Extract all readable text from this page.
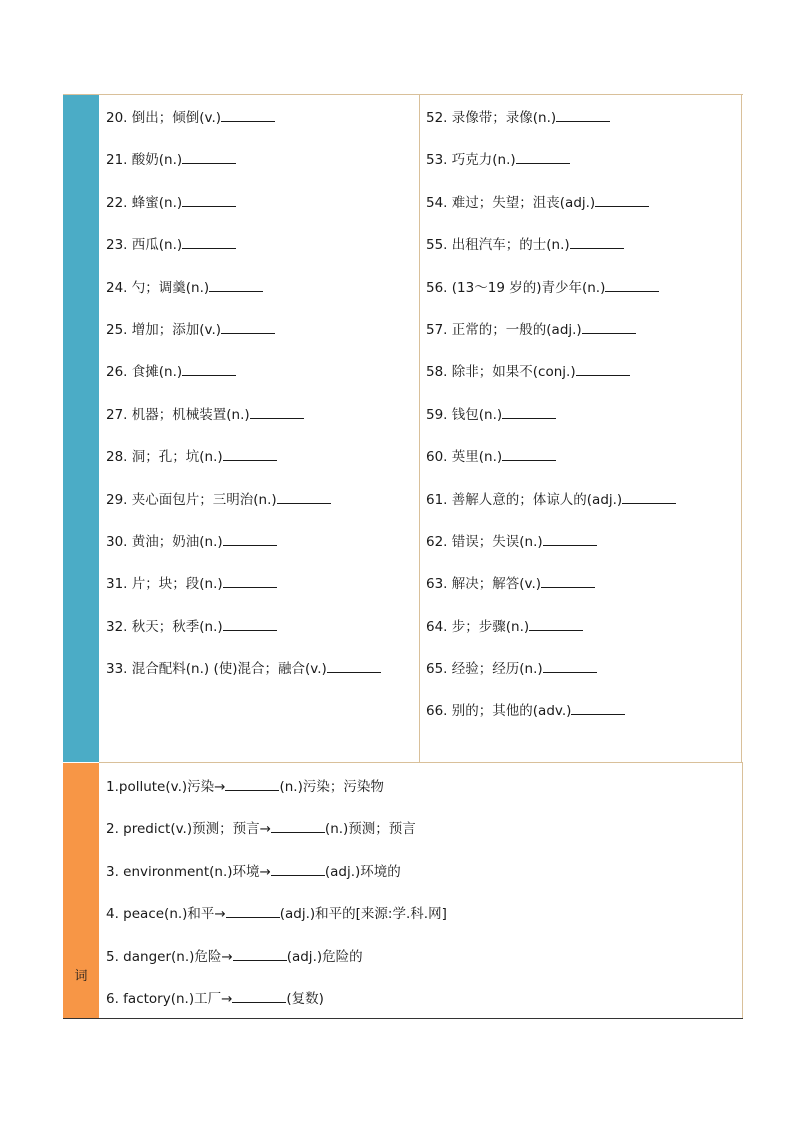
词
20. 倒出；倾倒(v.)
21. 酸奶(n.)
22. 蜂蜜(n.)
23. 西瓜(n.)
24. 勺；调羹(n.)
25. 增加；添加(v.)
26. 食摊(n.)
27. 机器；机械装置(n.)
28. 洞；孔；坑(n.)
29. 夹心面包片；三明治(n.)
30. 黄油；奶油(n.)
31. 片；块；段(n.)
32. 秋天；秋季(n.)
33. 混合配料(n.) (使)混合；融合(v.)
52. 录像带；录像(n.)
53. 巧克力(n.)
54. 难过；失望；沮丧(adj.)
55. 出租汽车；的士(n.)
56. (13～19 岁的)青少年(n.)
57. 正常的；一般的(adj.)
58. 除非；如果不(conj.)
59. 钱包(n.)
60. 英里(n.)
61. 善解人意的；体谅人的(adj.)
62. 错误；失误(n.)
63. 解决；解答(v.)
64. 步；步骤(n.)
65. 经验；经历(n.)
66. 别的；其他的(adv.)
1.pollute(v.)污染→	(n.)污染；污染物
2. predict(v.)预测；预言→	(n.)预测；预言
3. environment(n.)环境→	(adj.)环境的
4. peace(n.)和平→	(adj.)和平的[来源:学.科.网]
5. danger(n.)危险→	(adj.)危险的
6. factory(n.)工厂→	(复数)
